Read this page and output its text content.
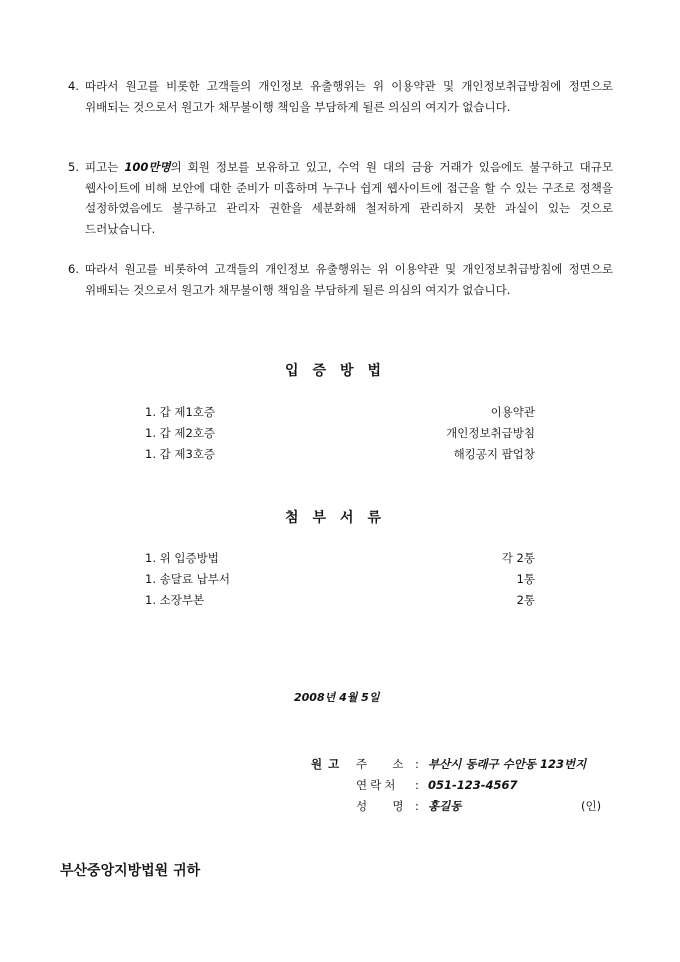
4. 따라서 원고를 비롯한 고객들의 개인정보 유출행위는 위 이용약관 및 개인정보취급방침에 정면으로 위배되는 것으로서 원고가 채무불이행 책임을 부담하게 될른 의심의 여지가 없습니다.
5. 피고는 100만명의 회원 정보를 보유하고 있고, 수억 원 대의 금융 거래가 있음에도 불구하고 대규모 웹사이트에 비해 보안에 대한 준비가 미흡하며 누구나 쉽게 웹사이트에 접근을 할 수 있는 구조로 정책을 설정하였음에도 불구하고 관리자 권한을 세분화해 철저하게 관리하지 못한 과실이 있는 것으로 드러났습니다.
6. 따라서 원고를 비롯하여 고객들의 개인정보 유출행위는 위 이용약관 및 개인정보취급방침에 정면으로 위배되는 것으로서 원고가 채무불이행 책임을 부담하게 될른 의심의 여지가 없습니다.
입증방법
1. 갑 제1호증	이용약관
1. 갑 제2호증	개인정보취급방침
1. 갑 제3호증	해킹공지 팝업창
첨부서류
1. 위 입증방법	각 2통
1. 송달료 납부서	1통
1. 소장부본	2통
2008년 4월 5일
원고 주  소 : 부산시 동래구 수안동 123번지
연락처 : 051-123-4567
성  명 : 홍길동	(인)
부산중앙지방법원 귀하
